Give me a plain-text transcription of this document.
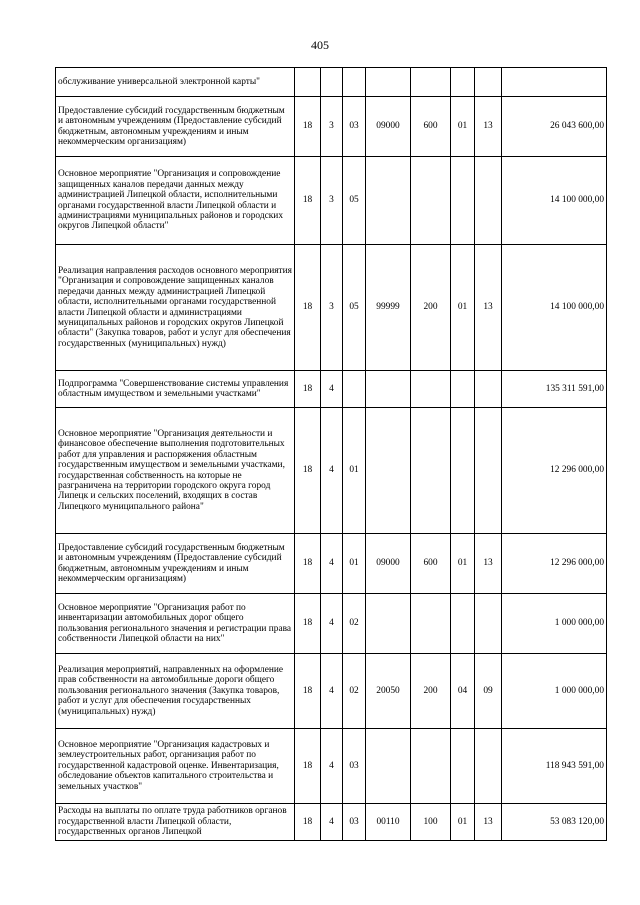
405
обслуживание универсальной электронной карты"								
Предоставление субсидий государственным бюджетным и автономным учреждениям (Предоставление субсидий бюджетным, автономным учреждениям и иным некоммерческим организациям)	18	3	03	09000	600	01	13	26 043 600,00
Основное мероприятие "Организация и сопровождение защищенных каналов передачи данных между администрацией Липецкой области, исполнительными органами государственной власти Липецкой области и администрациями муниципальных районов и городских округов Липецкой области"	18	3	05					14 100 000,00
Реализация направления расходов основного мероприятия "Организация и сопровождение защищенных каналов передачи данных между администрацией Липецкой области, исполнительными органами государственной власти Липецкой области и администрациями муниципальных районов и городских округов Липецкой области" (Закупка товаров, работ и услуг для обеспечения государственных (муниципальных) нужд)	18	3	05	99999	200	01	13	14 100 000,00
Подпрограмма "Совершенствование системы управления областным имуществом и земельными участками"	18	4						135 311 591,00
Основное мероприятие "Организация деятельности и финансовое обеспечение выполнения подготовительных работ для управления и распоряжения областным государственным имуществом и земельными участками, государственная собственность на которые не разграничена на территории городского округа город Липецк и сельских поселений, входящих в состав Липецкого муниципального района"	18	4	01					12 296 000,00
Предоставление субсидий государственным бюджетным и автономным учреждениям (Предоставление субсидий бюджетным, автономным учреждениям и иным некоммерческим организациям)	18	4	01	09000	600	01	13	12 296 000,00
Основное мероприятие "Организация работ по инвентаризации автомобильных дорог общего пользования регионального значения и регистрации права собственности Липецкой области на них"	18	4	02					1 000 000,00
Реализация мероприятий, направленных на оформление прав собственности на автомобильные дороги общего пользования регионального значения (Закупка товаров, работ и услуг для обеспечения государственных (муниципальных) нужд)	18	4	02	20050	200	04	09	1 000 000,00
Основное мероприятие "Организация кадастровых и землеустроительных работ, организация работ по государственной кадастровой оценке. Инвентаризация, обследование объектов капитального строительства и земельных участков"	18	4	03					118 943 591,00
Расходы на выплаты по оплате труда работников органов государственной власти Липецкой области, государственных органов Липецкой	18	4	03	00110	100	01	13	53 083 120,00
